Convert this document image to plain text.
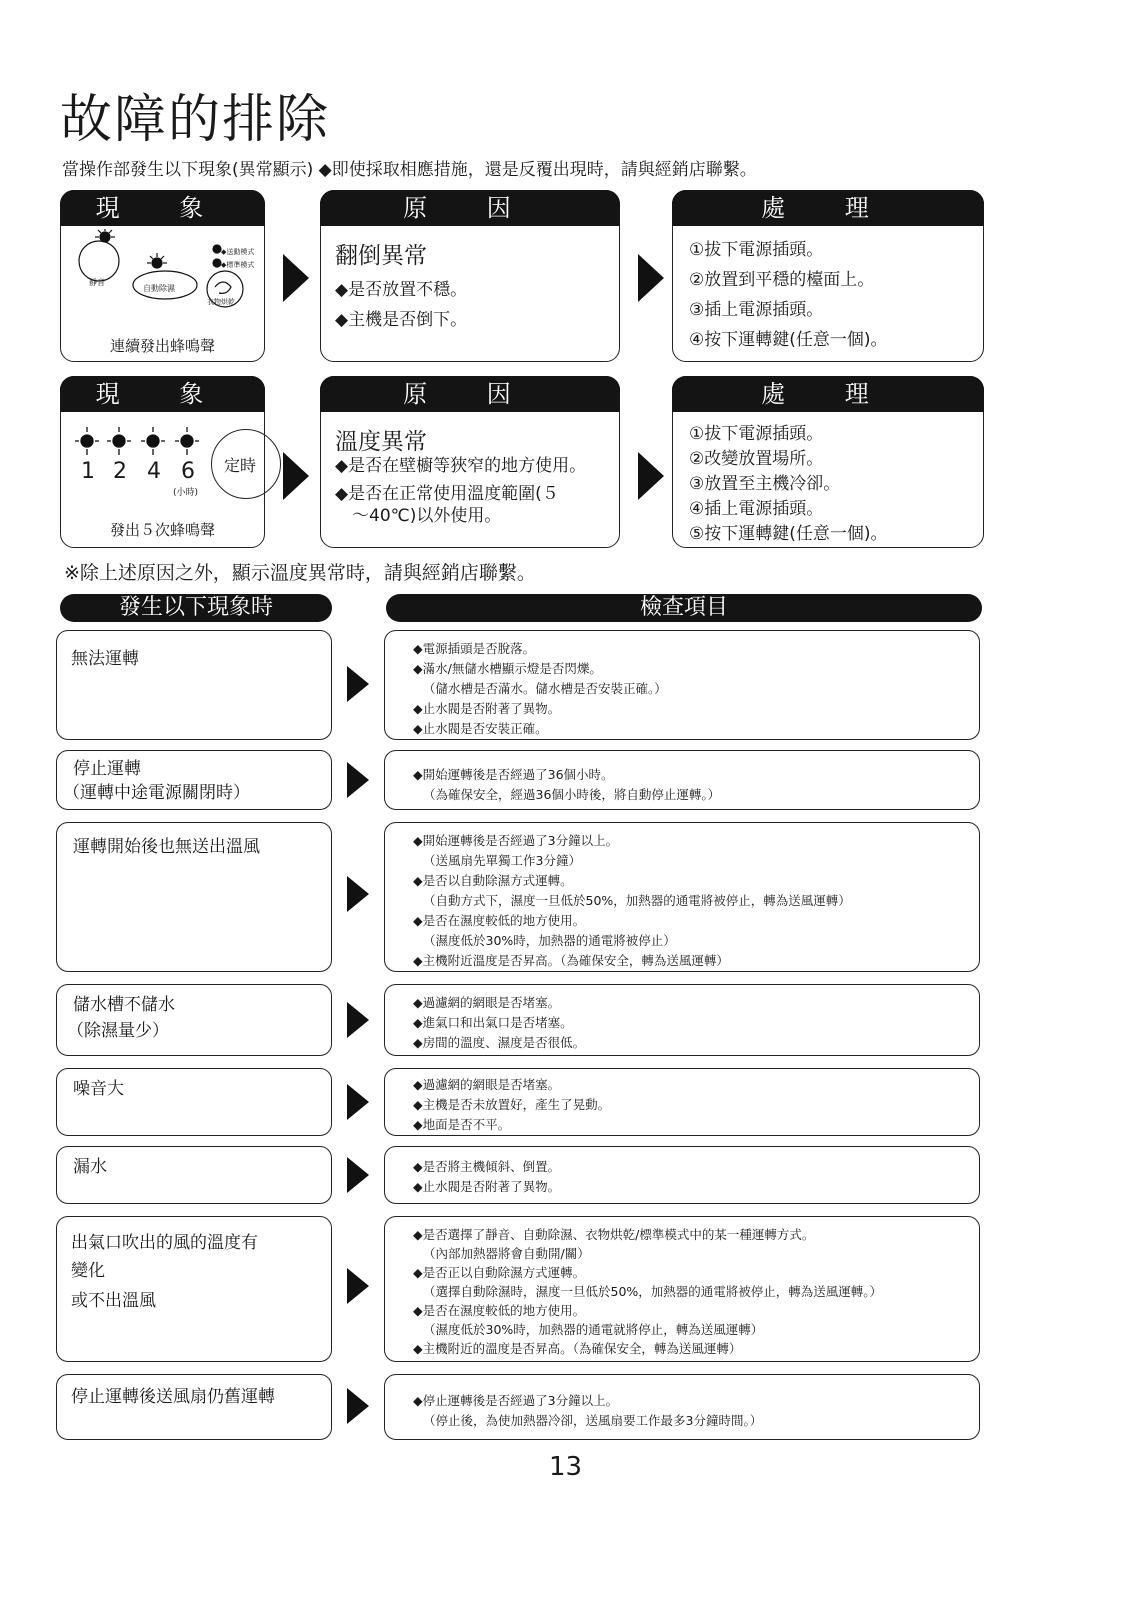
故障的排除
當操作部發生以下現象(異常顯示) ◆即使採取相應措施，還是反覆出現時，請與經銷店聯繫。
現 象
靜音
自動除濕
◆送動模式
◆標準模式
衣物烘乾
連續發出蜂鳴聲
原 因
翻倒異常
◆是否放置不穩。
◆主機是否倒下。
處 理
①拔下電源插頭。
②放置到平穩的檯面上。
③插上電源插頭。
④按下運轉鍵(任意一個)。
現 象
1 2 4 6
(小時)
定時
發出５次蜂鳴聲
原 因
溫度異常
◆是否在壁櫥等狹窄的地方使用。
◆是否在正常使用溫度範圍(５
　～40℃)以外使用。
處 理
①拔下電源插頭。
②改變放置場所。
③放置至主機冷卻。
④插上電源插頭。
⑤按下運轉鍵(任意一個)。
※除上述原因之外，顯示溫度異常時，請與經銷店聯繫。
發生以下現象時	檢查項目
無法運轉
◆電源插頭是否脫落。
◆滿水/無儲水槽顯示燈是否閃爍。
（儲水槽是否滿水。儲水槽是否安裝正確。）
◆止水閥是否附著了異物。
◆止水閥是否安裝正確。
停止運轉
（運轉中途電源關閉時）
◆開始運轉後是否經過了36個小時。
（為確保安全，經過36個小時後，將自動停止運轉。）
運轉開始後也無送出溫風	◆開始運轉後是否經過了3分鐘以上。
（送風扇先單獨工作3分鐘）
◆是否以自動除濕方式運轉。
（自動方式下，濕度一旦低於50%，加熱器的通電將被停止，轉為送風運轉）
◆是否在濕度較低的地方使用。
（濕度低於30%時，加熱器的通電將被停止）
◆主機附近溫度是否昇高。（為確保安全，轉為送風運轉）
儲水槽不儲水
（除濕量少）
◆過濾網的網眼是否堵塞。
◆進氣口和出氣口是否堵塞。
◆房間的溫度、濕度是否很低。
噪音大	◆過濾網的網眼是否堵塞。
◆主機是否未放置好，產生了晃動。
◆地面是否不平。
漏水	◆是否將主機傾斜、倒置。
◆止水閥是否附著了異物。
出氣口吹出的風的溫度有
變化
或不出溫風
◆是否選擇了靜音、自動除濕、衣物烘乾/標準模式中的某一種運轉方式。
（內部加熱器將會自動開/關）
◆是否正以自動除濕方式運轉。
（選擇自動除濕時，濕度一旦低於50%，加熱器的通電將被停止，轉為送風運轉。）
◆是否在濕度較低的地方使用。
（濕度低於30%時，加熱器的通電就將停止，轉為送風運轉）
◆主機附近的溫度是否昇高。（為確保安全，轉為送風運轉）
停止運轉後送風扇仍舊運轉	◆停止運轉後是否經過了3分鐘以上。
（停止後，為使加熱器冷卻，送風扇要工作最多3分鐘時間。）
13
